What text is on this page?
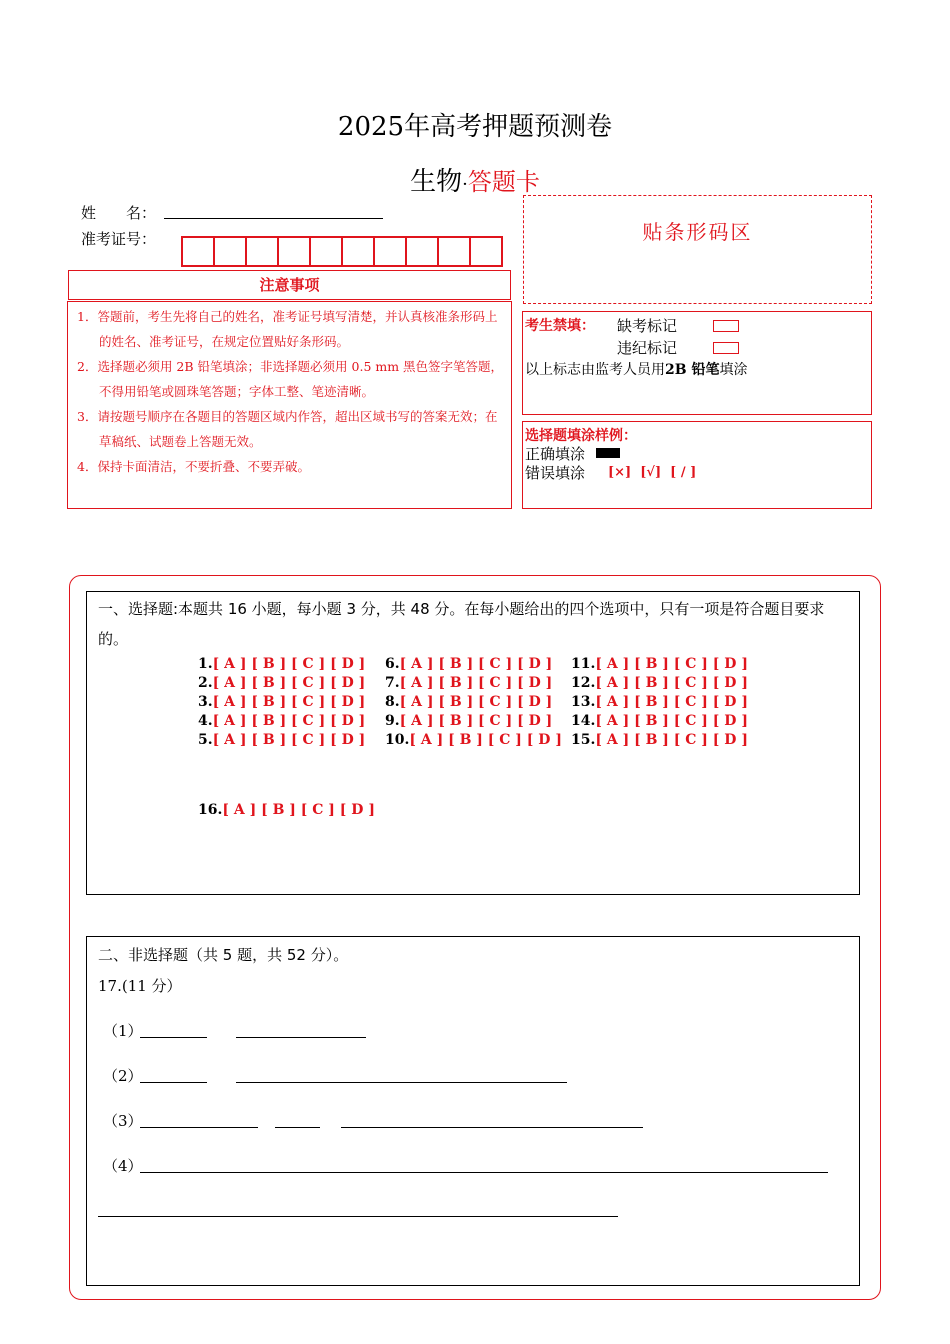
2025年高考押题预测卷
生物·答题卡
姓　　名：
准考证号：	贴条形码区
注意事项
1．答题前，考生先将自己的姓名，准考证号填写清楚，并认真核准条形码上的姓名、准考证号，在规定位置贴好条形码。
2．选择题必须用 2B 铅笔填涂；非选择题必须用 0.5 mm 黑色签字笔答题，不得用铅笔或圆珠笔答题；字体工整、笔迹清晰。
3．请按题号顺序在各题目的答题区域内作答，超出区域书写的答案无效；在草稿纸、试题卷上答题无效。
4．保持卡面清洁，不要折叠、不要弄破。
考生禁填： 缺考标记
违纪标记
以上标志由监考人员用2B 铅笔填涂
选择题填涂样例：
正确填涂
错误填涂 [×]  [√]  [ / ]
一、选择题:本题共 16 小题，每小题 3 分，共 48 分。在每小题给出的四个选项中，只有一项是符合题目要求的。
1.[ A ] [ B ] [ C ] [ D ]
2.[ A ] [ B ] [ C ] [ D ]
3.[ A ] [ B ] [ C ] [ D ]
4.[ A ] [ B ] [ C ] [ D ]
5.[ A ] [ B ] [ C ] [ D ]
6.[ A ] [ B ] [ C ] [ D ]
7.[ A ] [ B ] [ C ] [ D ]
8.[ A ] [ B ] [ C ] [ D ]
9.[ A ] [ B ] [ C ] [ D ]
10.[ A ] [ B ] [ C ] [ D ]
11.[ A ] [ B ] [ C ] [ D ]
12.[ A ] [ B ] [ C ] [ D ]
13.[ A ] [ B ] [ C ] [ D ]
14.[ A ] [ B ] [ C ] [ D ]
15.[ A ] [ B ] [ C ] [ D ]
16.[ A ] [ B ] [ C ] [ D ]
二、非选择题（共 5 题，共 52 分）。
17.(11 分）
（1）
（2）
（3）
（4）
